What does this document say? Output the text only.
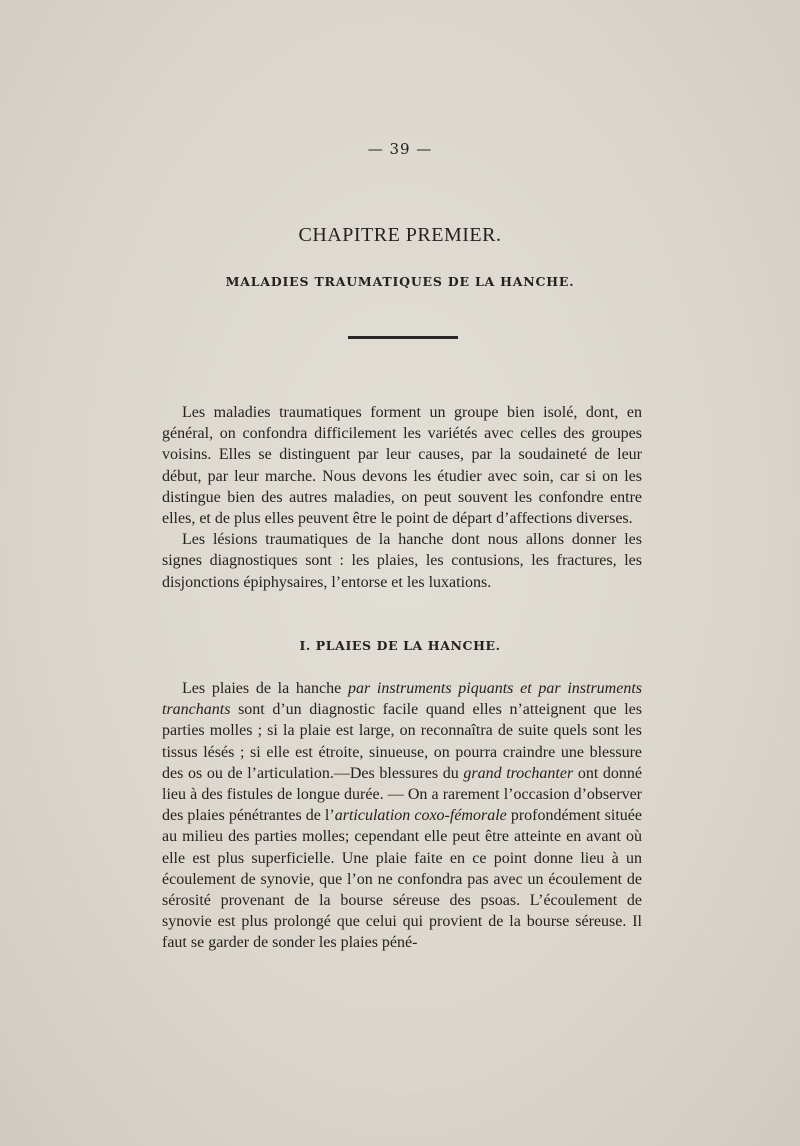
— 39 —
CHAPITRE PREMIER.
MALADIES TRAUMATIQUES DE LA HANCHE.

Les maladies traumatiques forment un groupe bien isolé, dont, en général, on confondra difficilement les variétés avec celles des groupes voisins. Elles se distinguent par leur causes, par la soudaineté de leur début, par leur marche. Nous devons les étudier avec soin, car si on les distingue bien des autres maladies, on peut souvent les confondre entre elles, et de plus elles peuvent être le point de départ d’affections diverses.

Les lésions traumatiques de la hanche dont nous allons donner les signes diagnostiques sont : les plaies, les contusions, les fractures, les disjonctions épiphysaires, l’entorse et les luxations.

I. PLAIES DE LA HANCHE.

Les plaies de la hanche par instruments piquants et par instruments tranchants sont d’un diagnostic facile quand elles n’atteignent que les parties molles ; si la plaie est large, on reconnaîtra de suite quels sont les tissus lésés ; si elle est étroite, sinueuse, on pourra craindre une blessure des os ou de l’articulation.—Des blessures du grand trochanter ont donné lieu à des fistules de longue durée. — On a rarement l’occasion d’observer des plaies pénétrantes de l’articulation coxo-fémorale profondément située au milieu des parties molles; cependant elle peut être atteinte en avant où elle est plus superficielle. Une plaie faite en ce point donne lieu à un écoulement de synovie, que l’on ne confondra pas avec un écoulement de sérosité provenant de la bourse séreuse des psoas. L’écoulement de synovie est plus prolongé que celui qui provient de la bourse séreuse. Il faut se garder de sonder les plaies péné-
